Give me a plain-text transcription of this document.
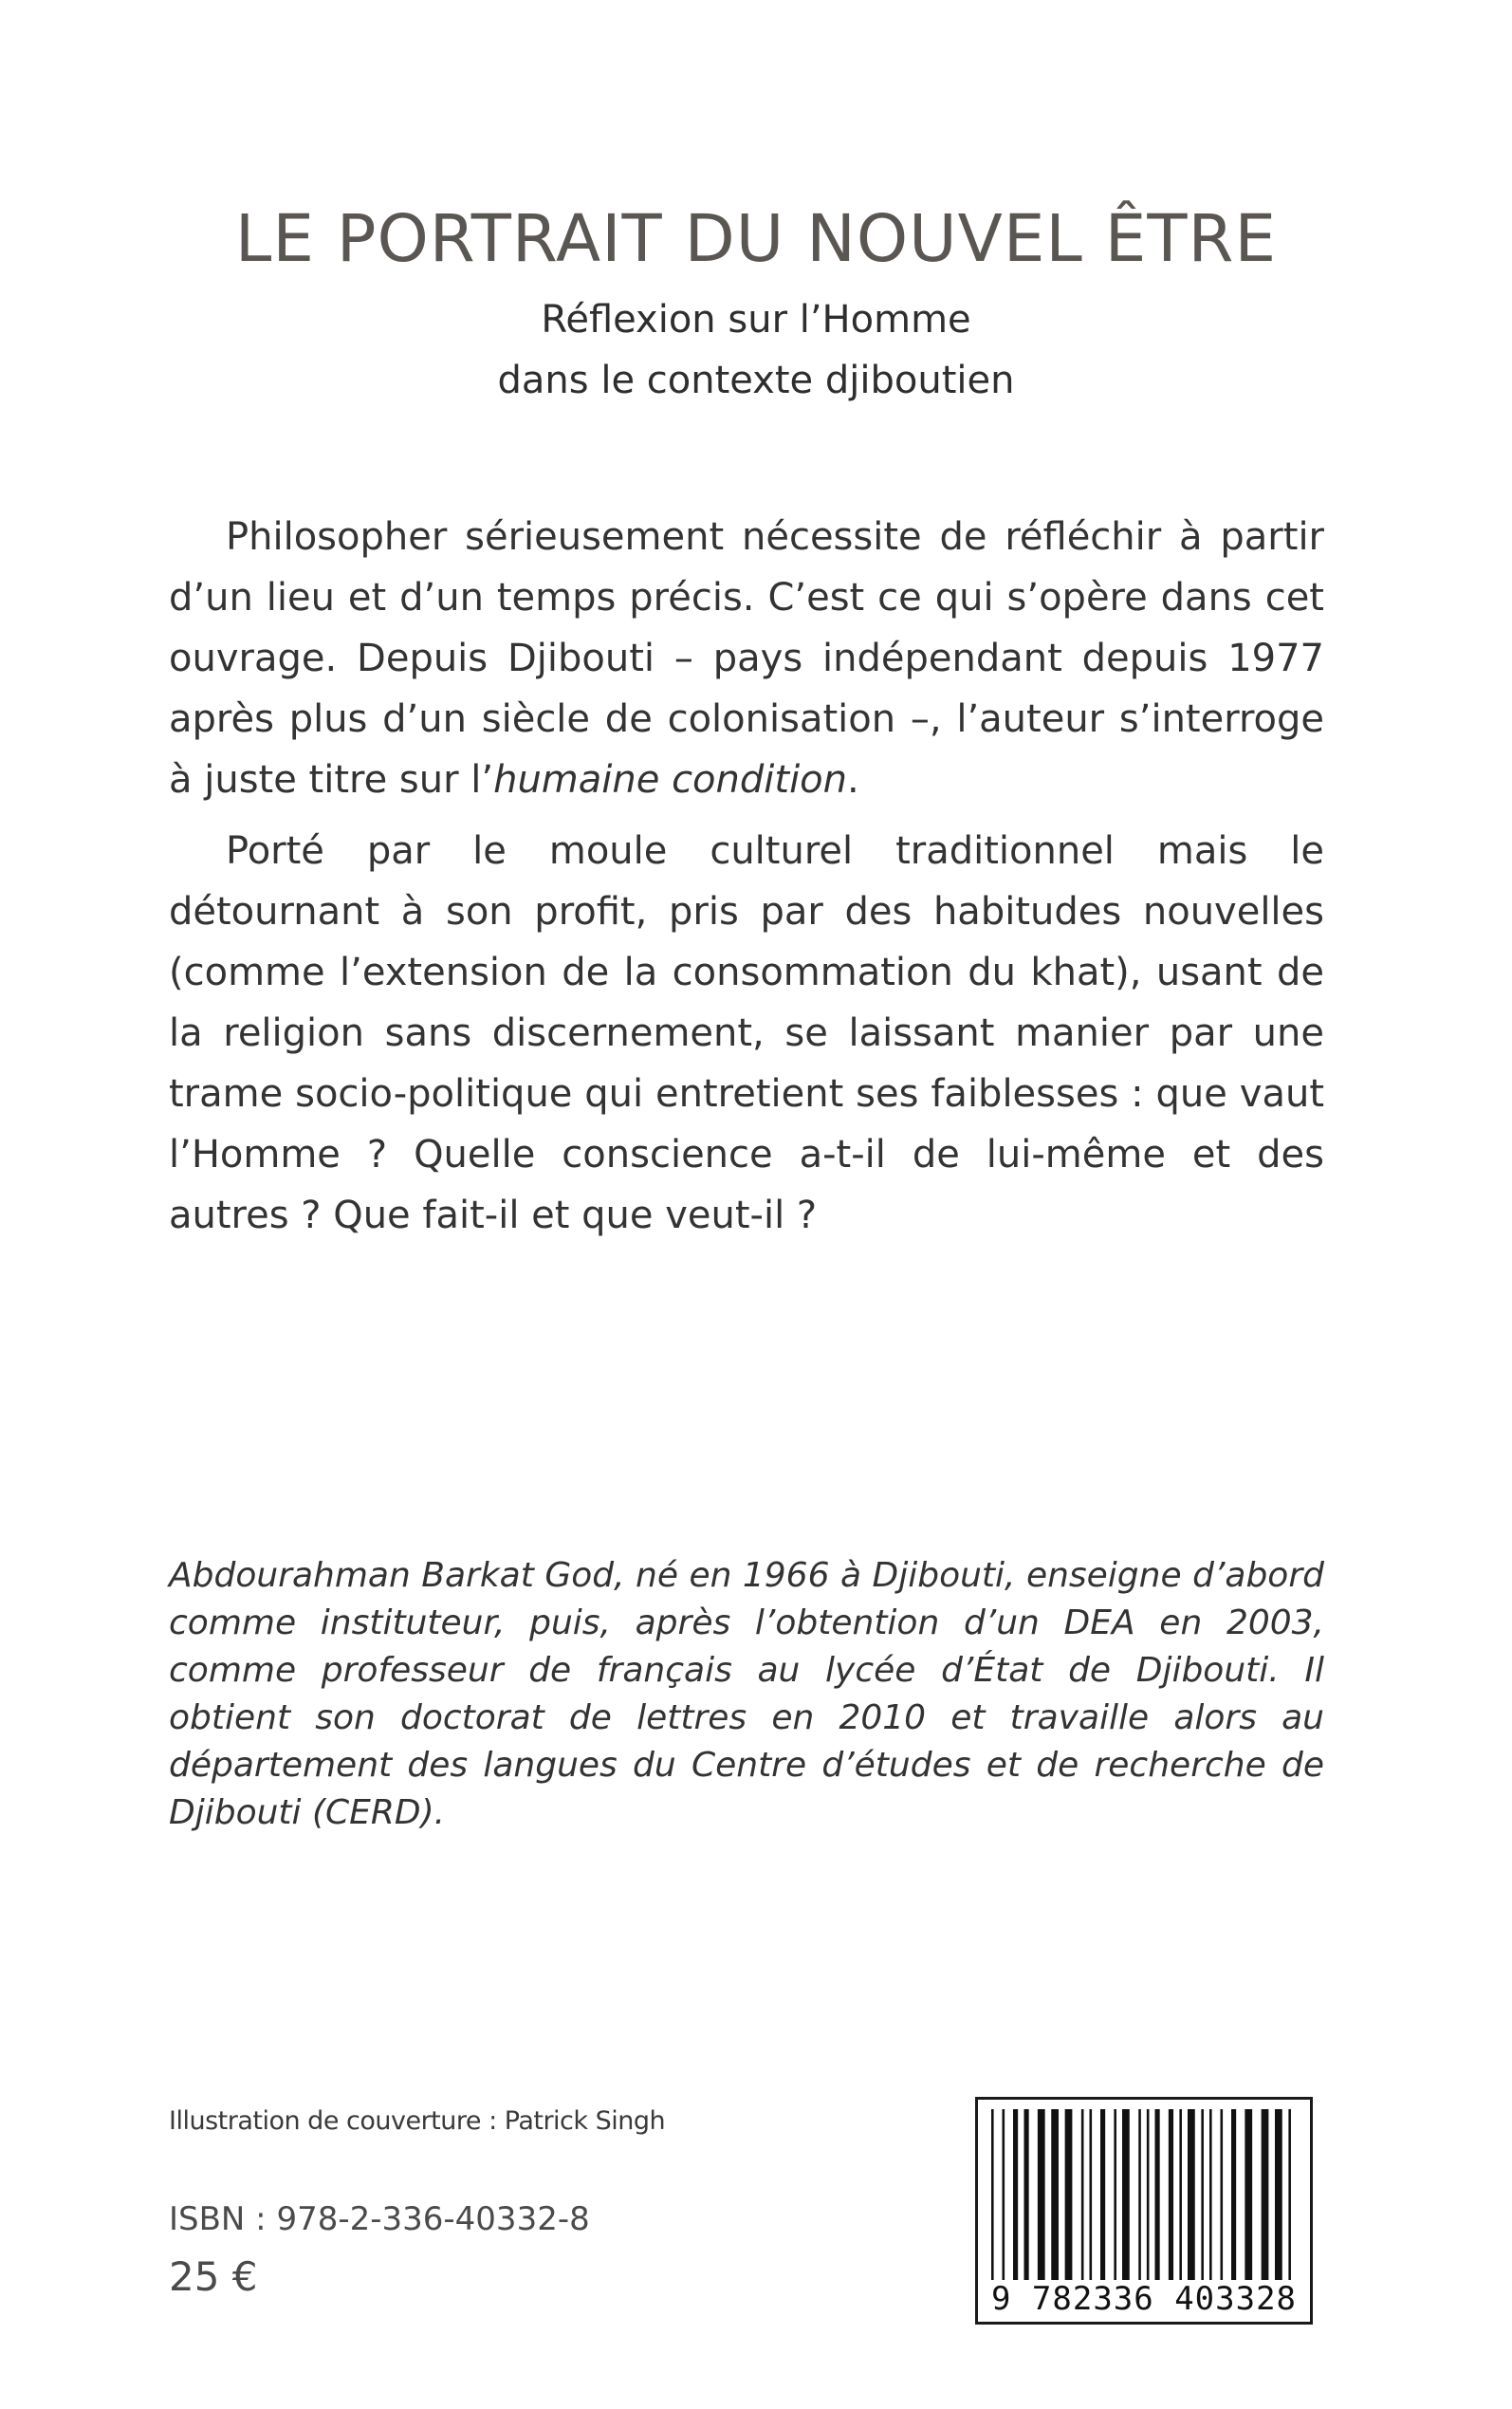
LE PORTRAIT DU NOUVEL ÊTRE
Réflexion sur l’Homme
dans le contexte djiboutien
Philosopher sérieusement nécessite de réfléchir à partir d’un lieu et d’un temps précis. C’est ce qui s’opère dans cet ouvrage. Depuis Djibouti – pays indépendant depuis 1977 après plus d’un siècle de colonisation –, l’auteur s’interroge à juste titre sur l’humaine condition.
Porté par le moule culturel traditionnel mais le détournant à son profit, pris par des habitudes nouvelles (comme l’extension de la consommation du khat), usant de la religion sans discernement, se laissant manier par une trame socio-politique qui entretient ses faiblesses : que vaut l’Homme ? Quelle conscience a-t-il de lui-même et des autres ? Que fait-il et que veut-il ?
Abdourahman Barkat God, né en 1966 à Djibouti, enseigne d’abord comme instituteur, puis, après l’obtention d’un DEA en 2003, comme professeur de français au lycée d’État de Djibouti. Il obtient son doctorat de lettres en 2010 et travaille alors au département des langues du Centre d’études et de recherche de Djibouti (CERD).
Illustration de couverture : Patrick Singh
ISBN : 978-2-336-40332-8
25 €	9 782336 403328
